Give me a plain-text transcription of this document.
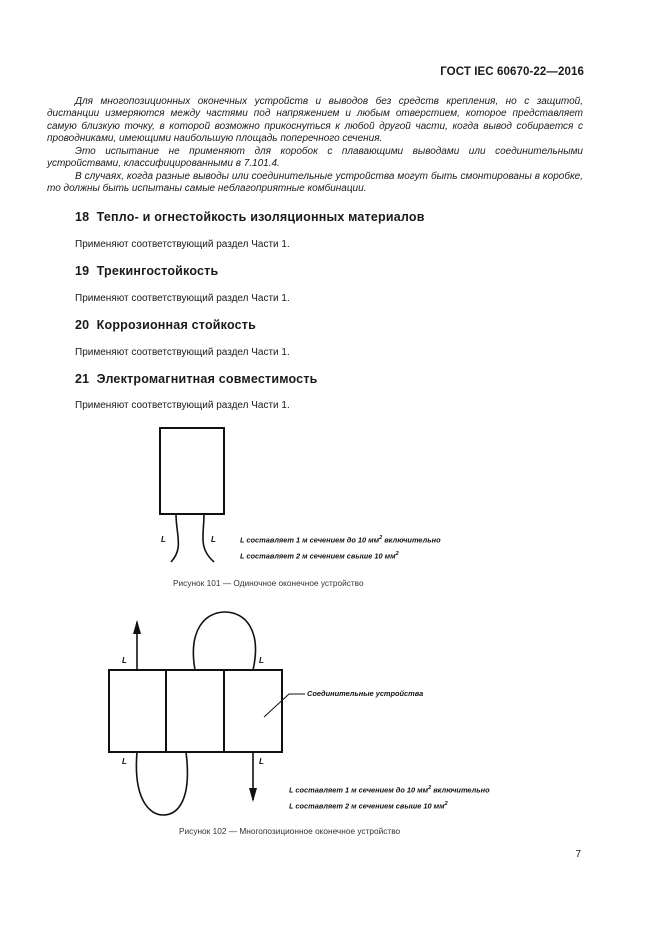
ГОСТ IEC 60670-22—2016

Для многопозиционных оконечных устройств и выводов без средств крепления, но с защитой, дистанции измеряются между частями под напряжением и любым отверстием, которое представляет самую близкую точку, в которой возможно прикоснуться к любой другой части, когда вывод собирается с проводниками, имеющими наибольшую площадь поперечного сечения.

Это испытание не применяют для коробок с плавающими выводами или соединительными устройствами, классифицированными в 7.101.4.

В случаях, когда разные выводы или соединительные устройства могут быть смонтированы в коробке, то должны быть испытаны самые неблагоприятные комбинации.

18 Тепло- и огнестойкость изоляционных материалов
Применяют соответствующий раздел Части 1.
19 Трекингостойкость
Применяют соответствующий раздел Части 1.
20 Коррозионная стойкость
Применяют соответствующий раздел Части 1.
21 Электромагнитная совместимость
Применяют соответствующий раздел Части 1.
L	L	L составляет 1 м сечением до 10 $мм^2$ включительно
L составляет 2 м сечением свыше 10 $мм^2$
Рисунок 101 — Одиночное оконечное устройство
L	L
L	L
Соединительные устройства
L составляет 1 м сечением до 10 $мм^2$ включительно
L составляет 2 м сечением свыше 10 $мм^2$
Рисунок 102 — Многопозиционное оконечное устройство
7
